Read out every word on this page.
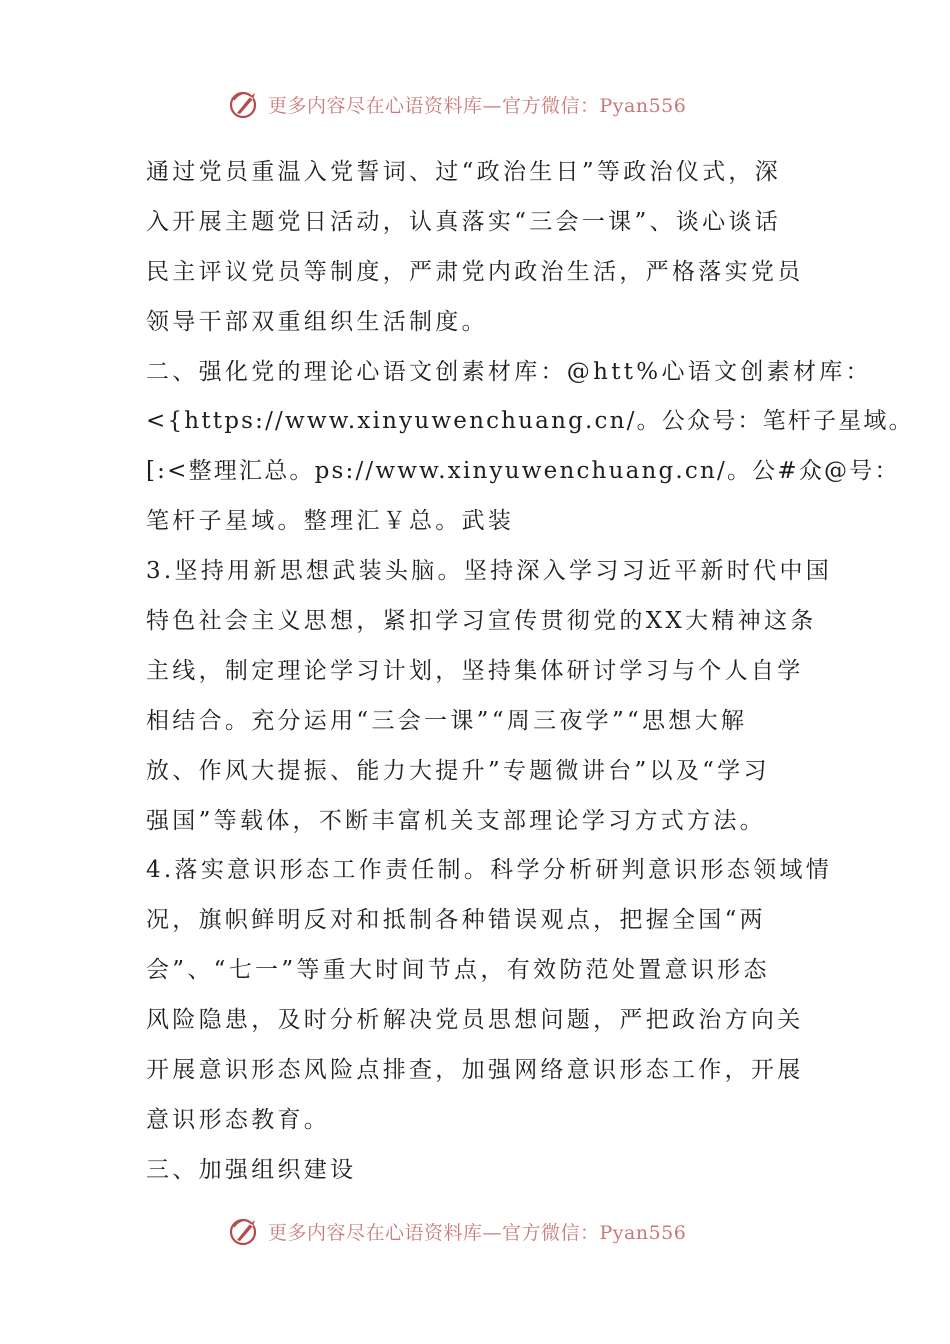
更多内容尽在心语资料库—官方微信：Pyan556
通过党员重温入党誓词、过“政治生日”等政治仪式，深
入开展主题党日活动，认真落实“三会一课”、谈心谈话
民主评议党员等制度，严肃党内政治生活，严格落实党员
领导干部双重组织生活制度。
二、强化党的理论心语文创素材库：@htt%心语文创素材库：
<{https://www.xinyuwenchuang.cn/。公众号：笔杆子星域。
[:<整理汇总。ps://www.xinyuwenchuang.cn/。公#众@号：
笔杆子星域。整理汇￥总。武装
3.坚持用新思想武装头脑。坚持深入学习习近平新时代中国
特色社会主义思想，紧扣学习宣传贯彻党的XX大精神这条
主线，制定理论学习计划，坚持集体研讨学习与个人自学
相结合。充分运用“三会一课”“周三夜学”“思想大解
放、作风大提振、能力大提升”专题微讲台”以及“学习
强国”等载体，不断丰富机关支部理论学习方式方法。
4.落实意识形态工作责任制。科学分析研判意识形态领域情
况，旗帜鲜明反对和抵制各种错误观点，把握全国“两
会”、“七一”等重大时间节点，有效防范处置意识形态
风险隐患，及时分析解决党员思想问题，严把政治方向关
开展意识形态风险点排查，加强网络意识形态工作，开展
意识形态教育。
三、加强组织建设
更多内容尽在心语资料库—官方微信：Pyan556
